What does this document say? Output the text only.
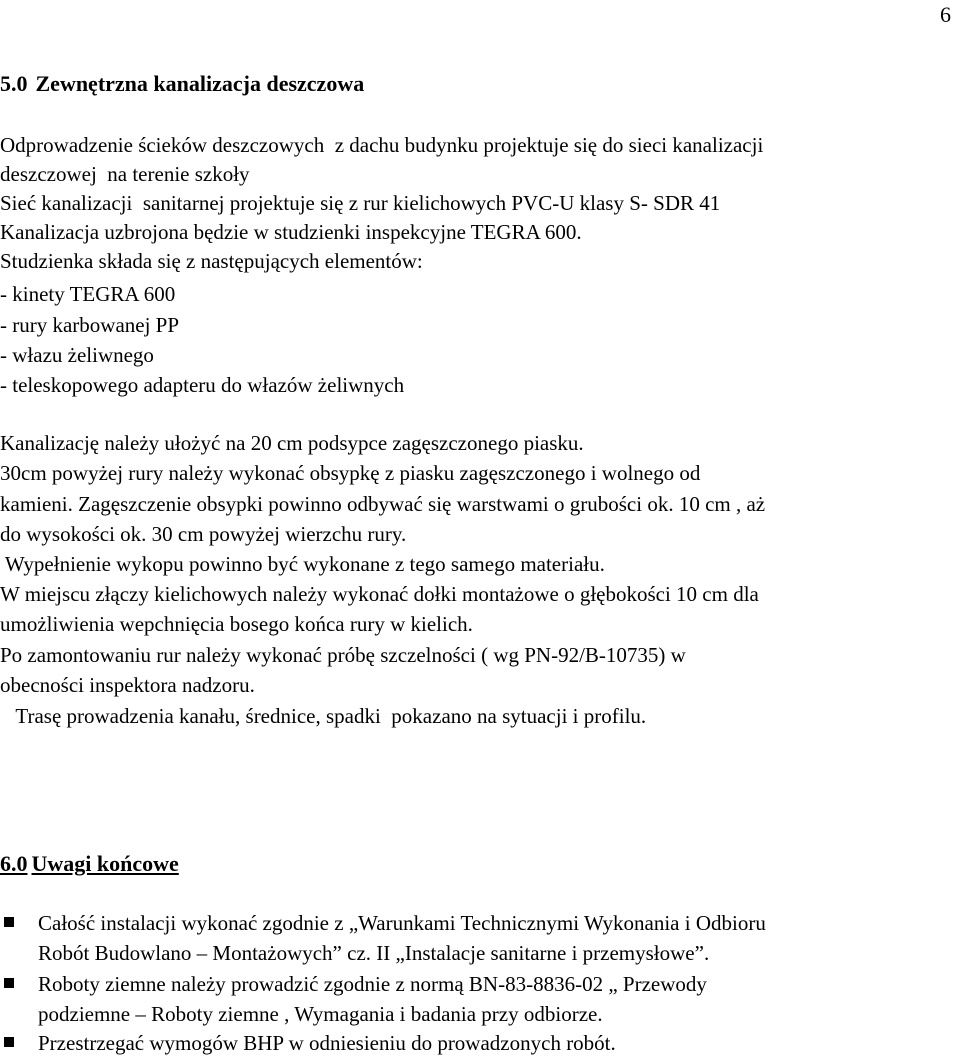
6
5.0 Zewnętrzna kanalizacja deszczowa
Odprowadzenie ścieków deszczowych  z dachu budynku projektuje się do sieci kanalizacji
deszczowej  na terenie szkoły
Sieć kanalizacji  sanitarnej projektuje się z rur kielichowych PVC-U klasy S- SDR 41
Kanalizacja uzbrojona będzie w studzienki inspekcyjne TEGRA 600.
Studzienka składa się z następujących elementów:
- kinety TEGRA 600
- rury karbowanej PP
- włazu żeliwnego
- teleskopowego adapteru do włazów żeliwnych
Kanalizację należy ułożyć na 20 cm podsypce zagęszczonego piasku.
30cm powyżej rury należy wykonać obsypkę z piasku zagęszczonego i wolnego od
kamieni. Zagęszczenie obsypki powinno odbywać się warstwami o grubości ok. 10 cm , aż
do wysokości ok. 30 cm powyżej wierzchu rury.
Wypełnienie wykopu powinno być wykonane z tego samego materiału.
W miejscu złączy kielichowych należy wykonać dołki montażowe o głębokości 10 cm dla
umożliwienia wepchnięcia bosego końca rury w kielich.
Po zamontowaniu rur należy wykonać próbę szczelności ( wg PN-92/B-10735) w
obecności inspektora nadzoru.
Trasę prowadzenia kanału, średnice, spadki  pokazano na sytuacji i profilu.
6.0 Uwagi końcowe
Całość instalacji wykonać zgodnie z „Warunkami Technicznymi Wykonania i Odbioru
Robót Budowlano – Montażowych” cz. II „Instalacje sanitarne i przemysłowe”.
Roboty ziemne należy prowadzić zgodnie z normą BN-83-8836-02 „ Przewody
podziemne – Roboty ziemne , Wymagania i badania przy odbiorze.
Przestrzegać wymogów BHP w odniesieniu do prowadzonych robót.
